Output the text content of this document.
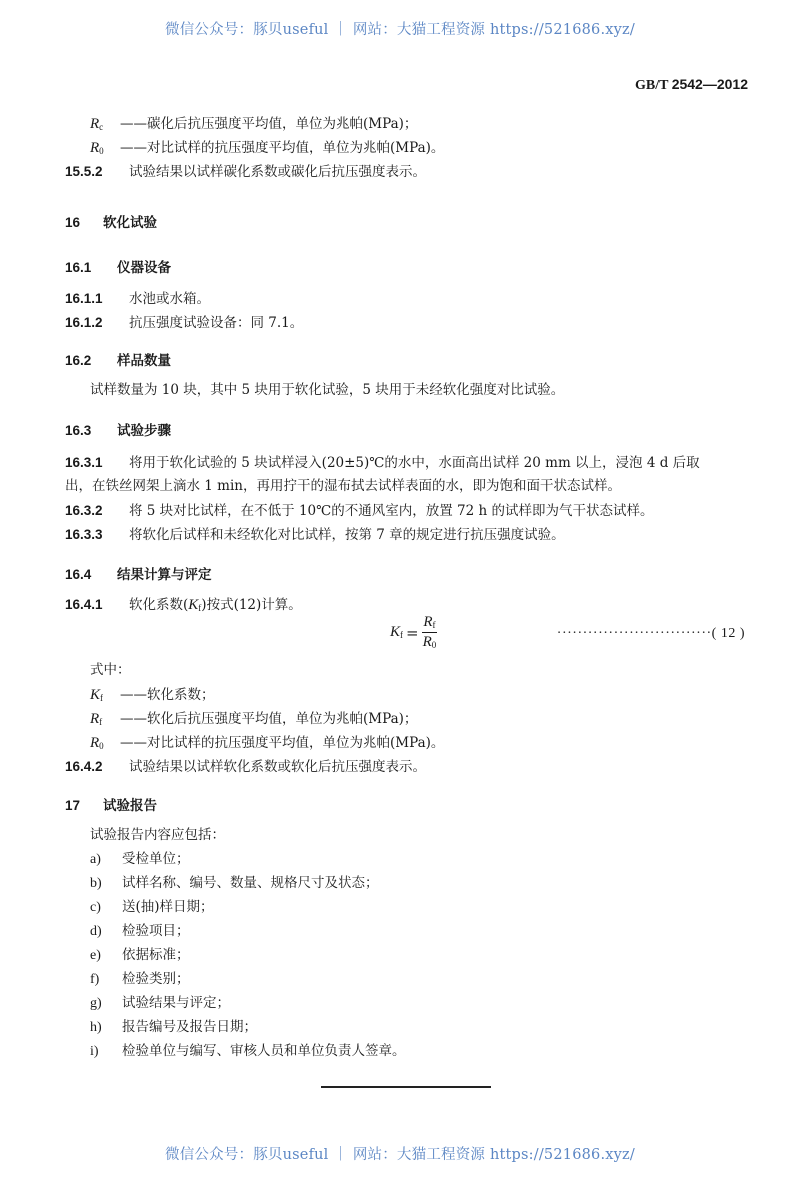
微信公众号：豚贝useful ｜ 网站：大猫工程资源 https://521686.xyz/
GB/T 2542—2012
$R_c$ ——碳化后抗压强度平均值，单位为兆帕(MPa)；
$R_0$ ——对比试样的抗压强度平均值，单位为兆帕(MPa)。
15.5.2 试验结果以试样碳化系数或碳化后抗压强度表示。
16 软化试验
16.1 仪器设备
16.1.1 水池或水箱。
16.1.2 抗压强度试验设备：同 7.1。
16.2 样品数量
试样数量为 10 块，其中 5 块用于软化试验，5 块用于未经软化强度对比试验。
16.3 试验步骤
16.3.1 将用于软化试验的 5 块试样浸入(20±5)℃的水中，水面高出试样 20 mm 以上，浸泡 4 d 后取
出，在铁丝网架上滴水 1 min，再用拧干的湿布拭去试样表面的水，即为饱和面干状态试样。
16.3.2 将 5 块对比试样，在不低于 10℃的不通风室内，放置 72 h 的试样即为气干状态试样。
16.3.3 将软化后试样和未经软化对比试样，按第 7 章的规定进行抗压强度试验。
16.4 结果计算与评定
16.4.1 软化系数$(K_f)$按式(12)计算。
$K_f = \frac{R_f}{R_0}$	······························( 12 )
式中：
$K_f$ ——软化系数；
$R_f$ ——软化后抗压强度平均值，单位为兆帕(MPa)；
$R_0$ ——对比试样的抗压强度平均值，单位为兆帕(MPa)。
16.4.2 试验结果以试样软化系数或软化后抗压强度表示。
17 试验报告
试验报告内容应包括：
a) 受检单位；
b) 试样名称、编号、数量、规格尺寸及状态；
c) 送(抽)样日期；
d) 检验项目；
e) 依据标准；
f) 检验类别；
g) 试验结果与评定；
h) 报告编号及报告日期；
i) 检验单位与编写、审核人员和单位负责人签章。
微信公众号：豚贝useful ｜ 网站：大猫工程资源 https://521686.xyz/
